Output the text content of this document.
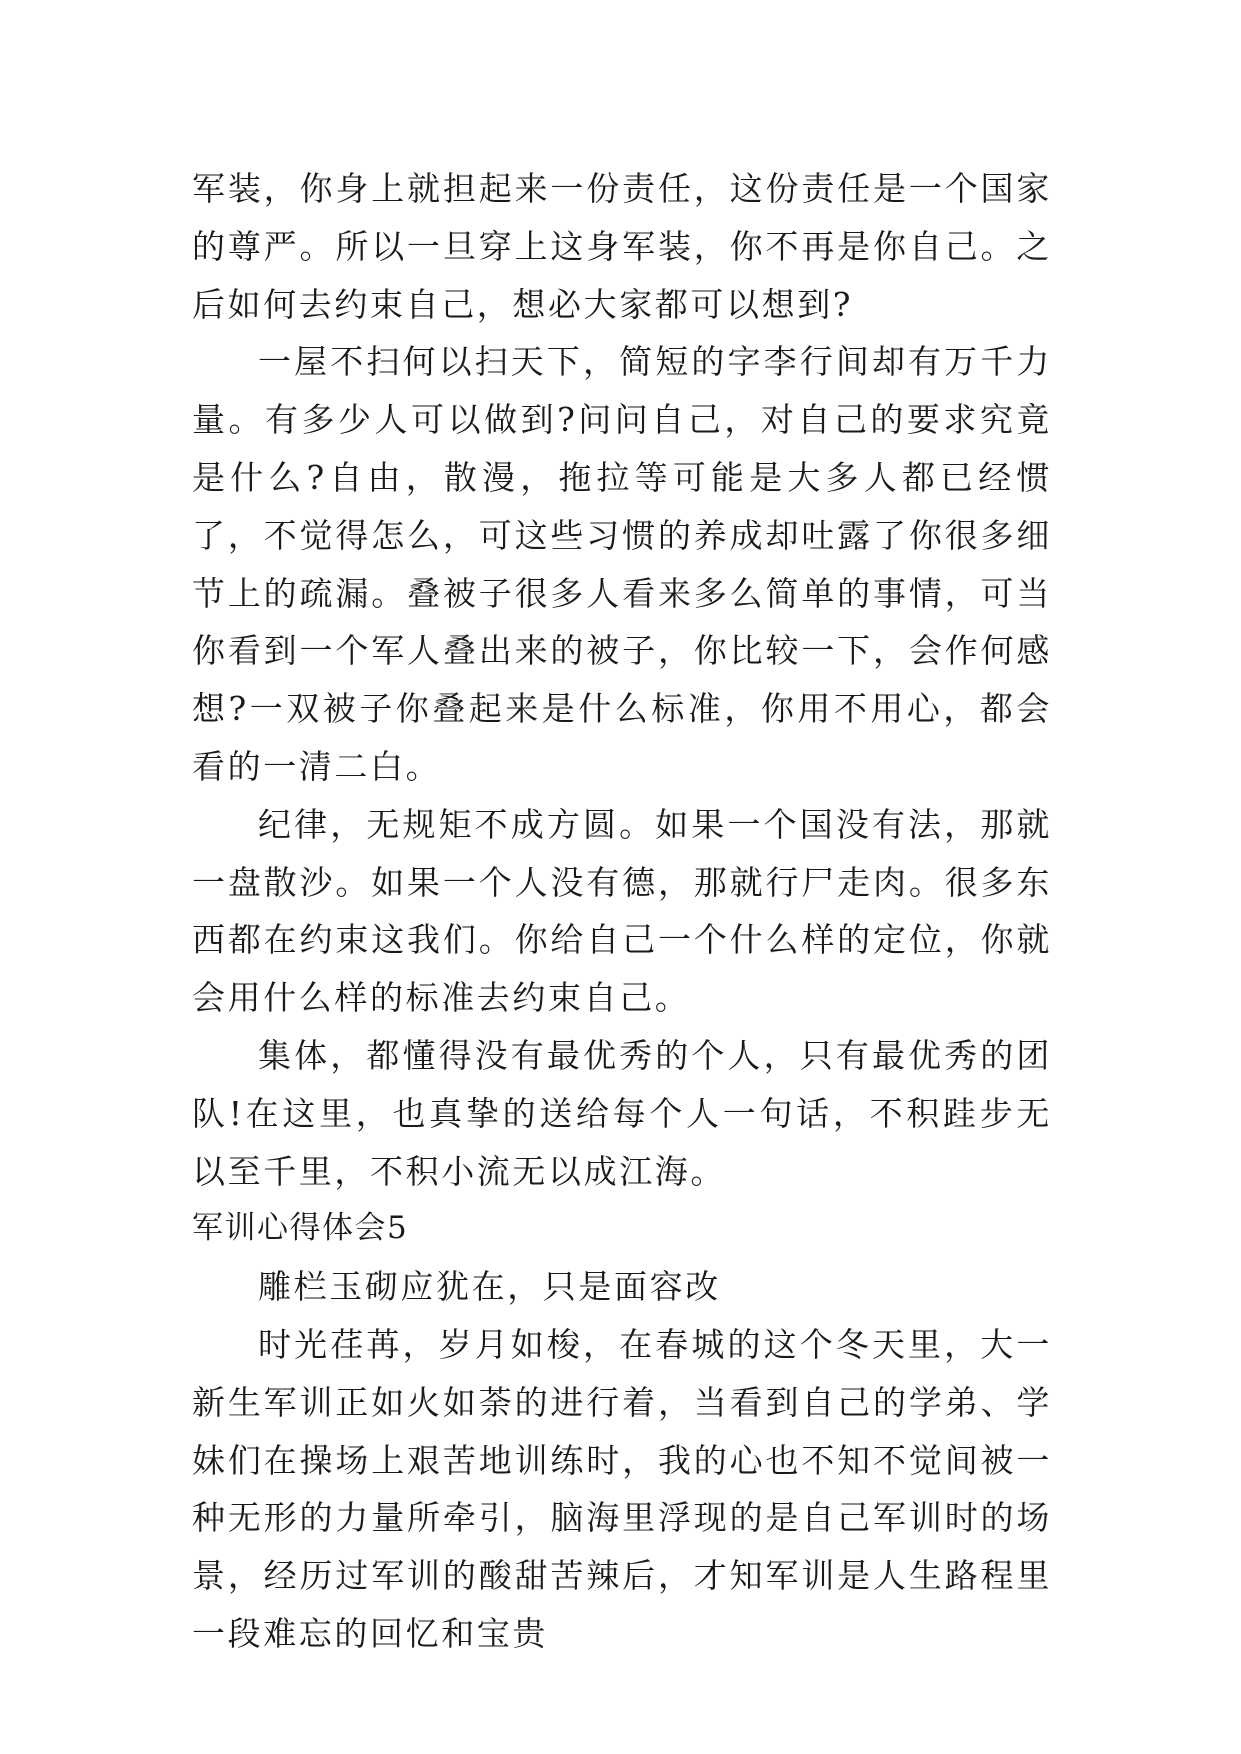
军装，你身上就担起来一份责任，这份责任是一个国家的尊严。所以一旦穿上这身军装，你不再是你自己。之后如何去约束自己，想必大家都可以想到?

一屋不扫何以扫天下，简短的字李行间却有万千力量。有多少人可以做到?问问自己，对自己的要求究竟是什么?自由，散漫，拖拉等可能是大多人都已经惯了，不觉得怎么，可这些习惯的养成却吐露了你很多细节上的疏漏。叠被子很多人看来多么简单的事情，可当你看到一个军人叠出来的被子，你比较一下，会作何感想?一双被子你叠起来是什么标准，你用不用心，都会看的一清二白。

纪律，无规矩不成方圆。如果一个国没有法，那就一盘散沙。如果一个人没有德，那就行尸走肉。很多东西都在约束这我们。你给自己一个什么样的定位，你就会用什么样的标准去约束自己。

集体，都懂得没有最优秀的个人，只有最优秀的团队!在这里，也真挚的送给每个人一句话，不积跬步无以至千里，不积小流无以成江海。

军训心得体会5

雕栏玉砌应犹在，只是面容改

时光荏苒，岁月如梭，在春城的这个冬天里，大一新生军训正如火如荼的进行着，当看到自己的学弟、学妹们在操场上艰苦地训练时，我的心也不知不觉间被一种无形的力量所牵引，脑海里浮现的是自己军训时的场景，经历过军训的酸甜苦辣后，才知军训是人生路程里一段难忘的回忆和宝贵
